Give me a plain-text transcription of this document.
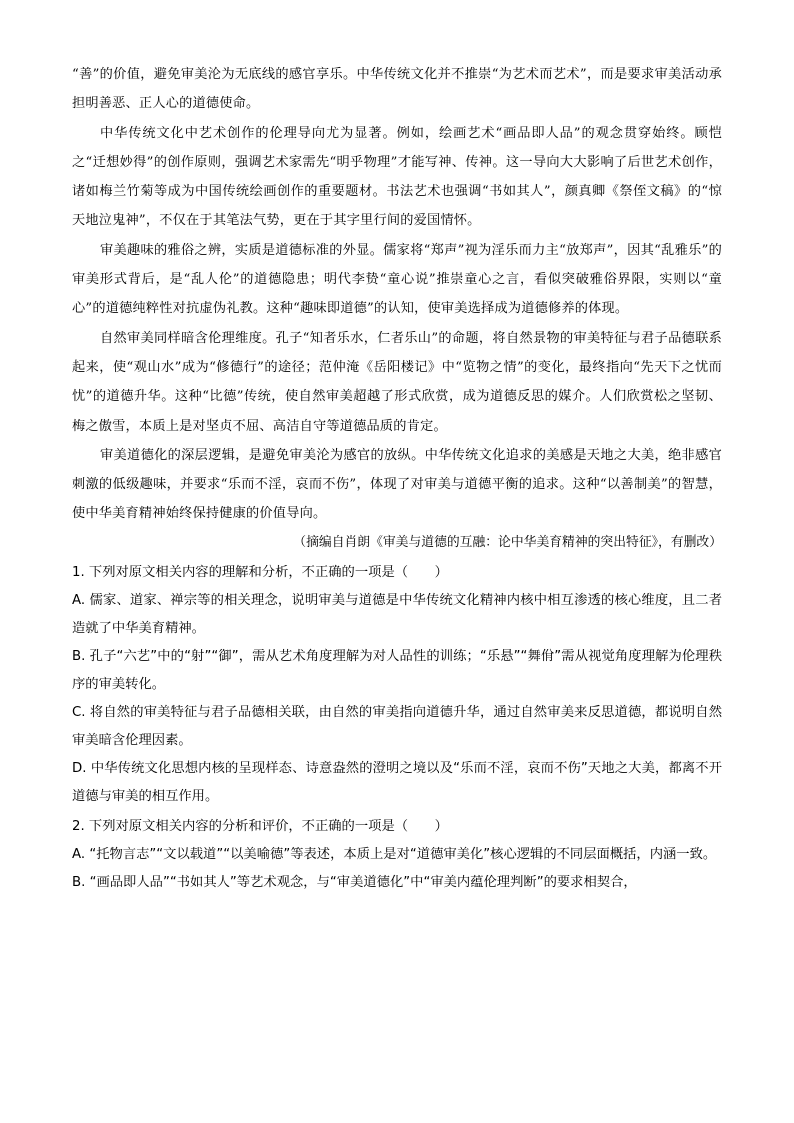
“善”的价值，避免审美沦为无底线的感官享乐。中华传统文化并不推崇“为艺术而艺术”，而是要求审美活动承担明善恶、正人心的道德使命。

中华传统文化中艺术创作的伦理导向尤为显著。例如，绘画艺术“画品即人品”的观念贯穿始终。顾恺之“迁想妙得”的创作原则，强调艺术家需先“明乎物理”才能写神、传神。这一导向大大影响了后世艺术创作，诸如梅兰竹菊等成为中国传统绘画创作的重要题材。书法艺术也强调“书如其人”，颜真卿《祭侄文稿》的“惊天地泣鬼神”，不仅在于其笔法气势，更在于其字里行间的爱国情怀。

审美趣味的雅俗之辨，实质是道德标准的外显。儒家将“郑声”视为淫乐而力主“放郑声”，因其“乱雅乐”的审美形式背后，是“乱人伦”的道德隐患；明代李贽“童心说”推崇童心之言，看似突破雅俗界限，实则以“童心”的道德纯粹性对抗虚伪礼教。这种“趣味即道德”的认知，使审美选择成为道德修养的体现。

自然审美同样暗含伦理维度。孔子“知者乐水，仁者乐山”的命题，将自然景物的审美特征与君子品德联系起来，使“观山水”成为“修德行”的途径；范仲淹《岳阳楼记》中“览物之情”的变化，最终指向“先天下之忧而忧”的道德升华。这种“比德”传统，使自然审美超越了形式欣赏，成为道德反思的媒介。人们欣赏松之坚韧、梅之傲雪，本质上是对坚贞不屈、高洁自守等道德品质的肯定。

审美道德化的深层逻辑，是避免审美沦为感官的放纵。中华传统文化追求的美感是天地之大美，绝非感官刺激的低级趣味，并要求“乐而不淫，哀而不伤”，体现了对审美与道德平衡的追求。这种“以善制美”的智慧，使中华美育精神始终保持健康的价值导向。

（摘编自肖朗《审美与道德的互融：论中华美育精神的突出特征》，有删改）

1. 下列对原文相关内容的理解和分析，不正确的一项是（　　）

A. 儒家、道家、禅宗等的相关理念，说明审美与道德是中华传统文化精神内核中相互渗透的核心维度，且二者造就了中华美育精神。

B. 孔子“六艺”中的“射”“御”，需从艺术角度理解为对人品性的训练；“乐悬”“舞佾”需从视觉角度理解为伦理秩序的审美转化。

C. 将自然的审美特征与君子品德相关联，由自然的审美指向道德升华，通过自然审美来反思道德，都说明自然审美暗含伦理因素。

D. 中华传统文化思想内核的呈现样态、诗意盎然的澄明之境以及“乐而不淫，哀而不伤”天地之大美，都离不开道德与审美的相互作用。

2. 下列对原文相关内容的分析和评价，不正确的一项是（　　）

A. “托物言志”“文以载道”“以美喻德”等表述，本质上是对“道德审美化”核心逻辑的不同层面概括，内涵一致。

B. “画品即人品”“书如其人”等艺术观念，与“审美道德化”中“审美内蕴伦理判断”的要求相契合，
